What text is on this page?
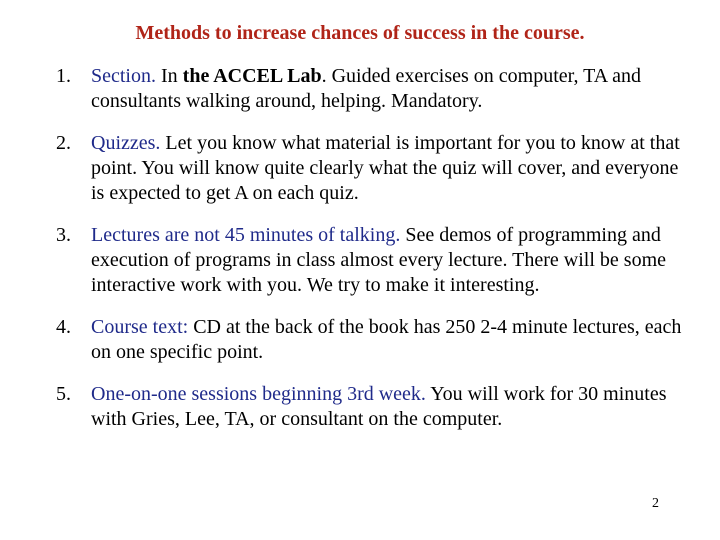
Methods to increase chances of success in the course.
1. Section. In the ACCEL Lab. Guided exercises on computer, TA and consultants walking around, helping. Mandatory.
2. Quizzes. Let you know what material is important for you to know at that point. You will know quite clearly what the quiz will cover, and everyone is expected to get A on each quiz.
3. Lectures are not 45 minutes of talking. See demos of programming and execution of programs in class almost every lecture. There will be some interactive work with you. We try to make it interesting.
4. Course text: CD at the back of the book has 250 2-4 minute lectures, each on one specific point.
5. One-on-one sessions beginning 3rd week. You will work for 30 minutes with Gries, Lee, TA, or consultant on the computer.
2
